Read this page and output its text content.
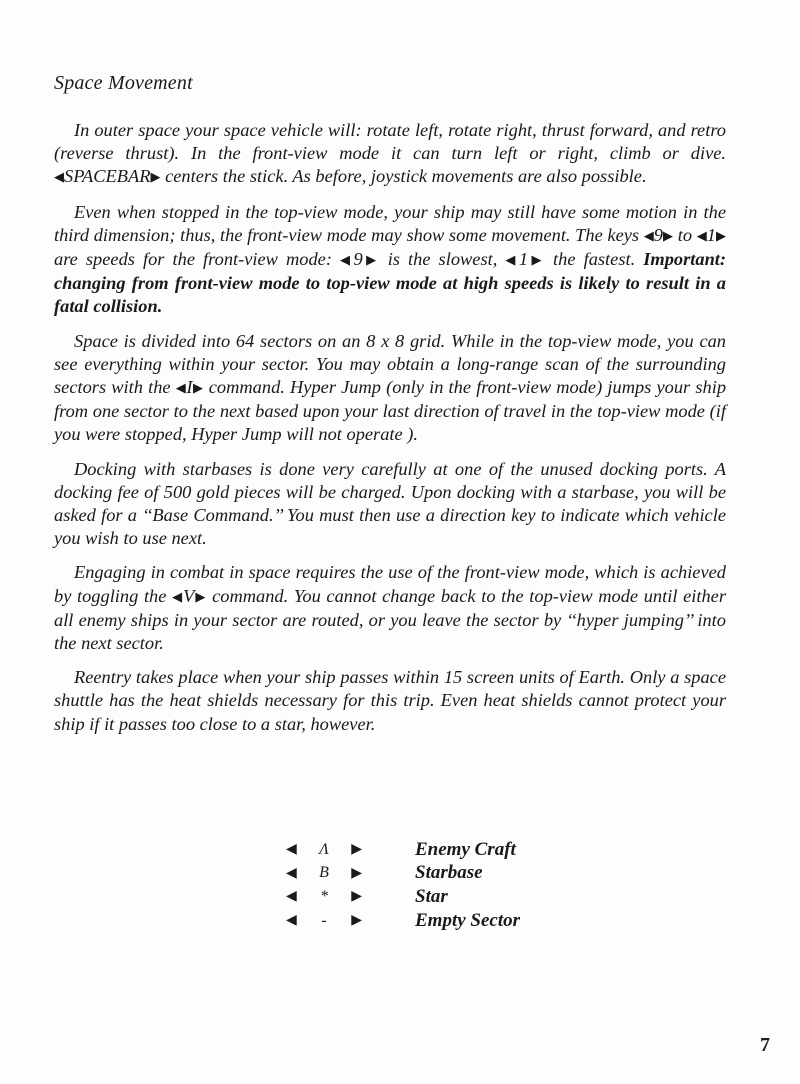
Space Movement

In outer space your space vehicle will: rotate left, rotate right, thrust forward, and retro (reverse thrust). In the front-view mode it can turn left or right, climb or dive. ◀SPACEBAR▶ centers the stick. As before, joystick movements are also possible.

Even when stopped in the top-view mode, your ship may still have some motion in the third dimension; thus, the front-view mode may show some movement. The keys ◀9▶ to ◀1▶ are speeds for the front-view mode: ◀9▶ is the slowest, ◀1▶ the fastest. Important: changing from front-view mode to top-view mode at high speeds is likely to result in a fatal collision.

Space is divided into 64 sectors on an 8 x 8 grid. While in the top-view mode, you can see everything within your sector. You may obtain a long-range scan of the surrounding sectors with the ◀I▶ command. Hyper Jump (only in the front-view mode) jumps your ship from one sector to the next based upon your last direction of travel in the top-view mode (if you were stopped, Hyper Jump will not operate ).

Docking with starbases is done very carefully at one of the unused docking ports. A docking fee of 500 gold pieces will be charged. Upon docking with a starbase, you will be asked for a ‘‘Base Command.’’ You must then use a direction key to indicate which vehicle you wish to use next.

Engaging in combat in space requires the use of the front-view mode, which is achieved by toggling the ◀V▶ command. You cannot change back to the top-view mode until either all enemy ships in your sector are routed, or you leave the sector by ‘‘hyper jumping’’ into the next sector.

Reentry takes place when your ship passes within 15 screen units of Earth. Only a space shuttle has the heat shields necessary for this trip. Even heat shields cannot protect your ship if it passes too close to a star, however.

◀ Λ ▶	Enemy Craft
◀ B ▶	Starbase
◀ * ▶	Star
◀ - ▶	Empty Sector
7
